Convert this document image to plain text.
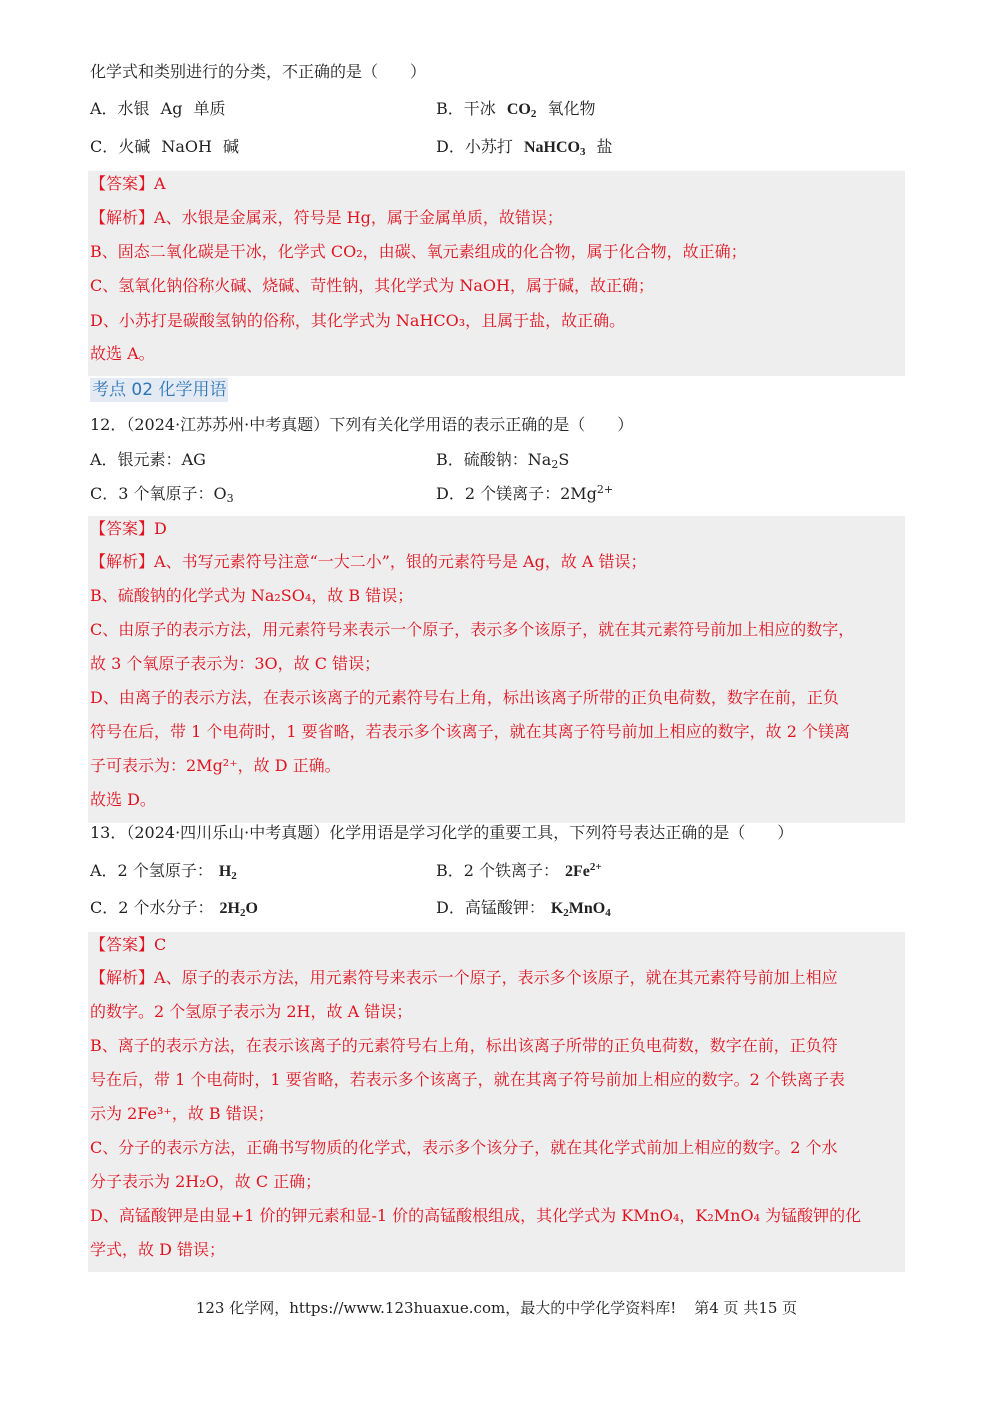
化学式和类别进行的分类，不正确的是（　　）
A．水银 Ag 单质	B．干冰 $CO_2$ 氧化物
C．火碱 NaOH 碱	D．小苏打 NaHCO$_3$ 盐
【答案】A
【解析】A、水银是金属汞，符号是 Hg，属于金属单质，故错误；
B、固态二氧化碳是干冰，化学式 CO₂，由碳、氧元素组成的化合物，属于化合物，故正确；
C、氢氧化钠俗称火碱、烧碱、苛性钠，其化学式为 NaOH，属于碱，故正确；
D、小苏打是碳酸氢钠的俗称，其化学式为 NaHCO₃，且属于盐，故正确。
故选 A。
考点 02 化学用语
12．（2024·江苏苏州·中考真题）下列有关化学用语的表示正确的是（　　）
A．银元素：AG	B．硫酸钠：$Na_2S$
C．3 个氧原子：$O_3$	D．2 个镁离子：$2Mg^{2+}$
【答案】D
【解析】A、书写元素符号注意“一大二小”，银的元素符号是 Ag，故 A 错误；
B、硫酸钠的化学式为 Na₂SO₄，故 B 错误；
C、由原子的表示方法，用元素符号来表示一个原子，表示多个该原子，就在其元素符号前加上相应的数字，
故 3 个氧原子表示为：3O，故 C 错误；
D、由离子的表示方法，在表示该离子的元素符号右上角，标出该离子所带的正负电荷数，数字在前，正负
符号在后，带 1 个电荷时，1 要省略，若表示多个该离子，就在其离子符号前加上相应的数字，故 2 个镁离
子可表示为：2Mg²⁺，故 D 正确。
故选 D。
13．（2024·四川乐山·中考真题）化学用语是学习化学的重要工具，下列符号表达正确的是（　　）
A．2 个氢原子： $H_2$	B．2 个铁离子： $2Fe^{2+}$
C．2 个水分子： $2H_2O$	D．高锰酸钾： $K_2MnO_4$
【答案】C
【解析】A、原子的表示方法，用元素符号来表示一个原子，表示多个该原子，就在其元素符号前加上相应
的数字。2 个氢原子表示为 2H，故 A 错误；
B、离子的表示方法，在表示该离子的元素符号右上角，标出该离子所带的正负电荷数，数字在前，正负符
号在后，带 1 个电荷时，1 要省略，若表示多个该离子，就在其离子符号前加上相应的数字。2 个铁离子表
示为 2Fe³⁺，故 B 错误；
C、分子的表示方法，正确书写物质的化学式，表示多个该分子，就在其化学式前加上相应的数字。2 个水
分子表示为 2H₂O，故 C 正确；
D、高锰酸钾是由显+1 价的钾元素和显-1 价的高锰酸根组成，其化学式为 KMnO₄，K₂MnO₄ 为锰酸钾的化
学式，故 D 错误；
123 化学网，https://www.123huaxue.com，最大的中学化学资料库! 第4 页 共15 页
